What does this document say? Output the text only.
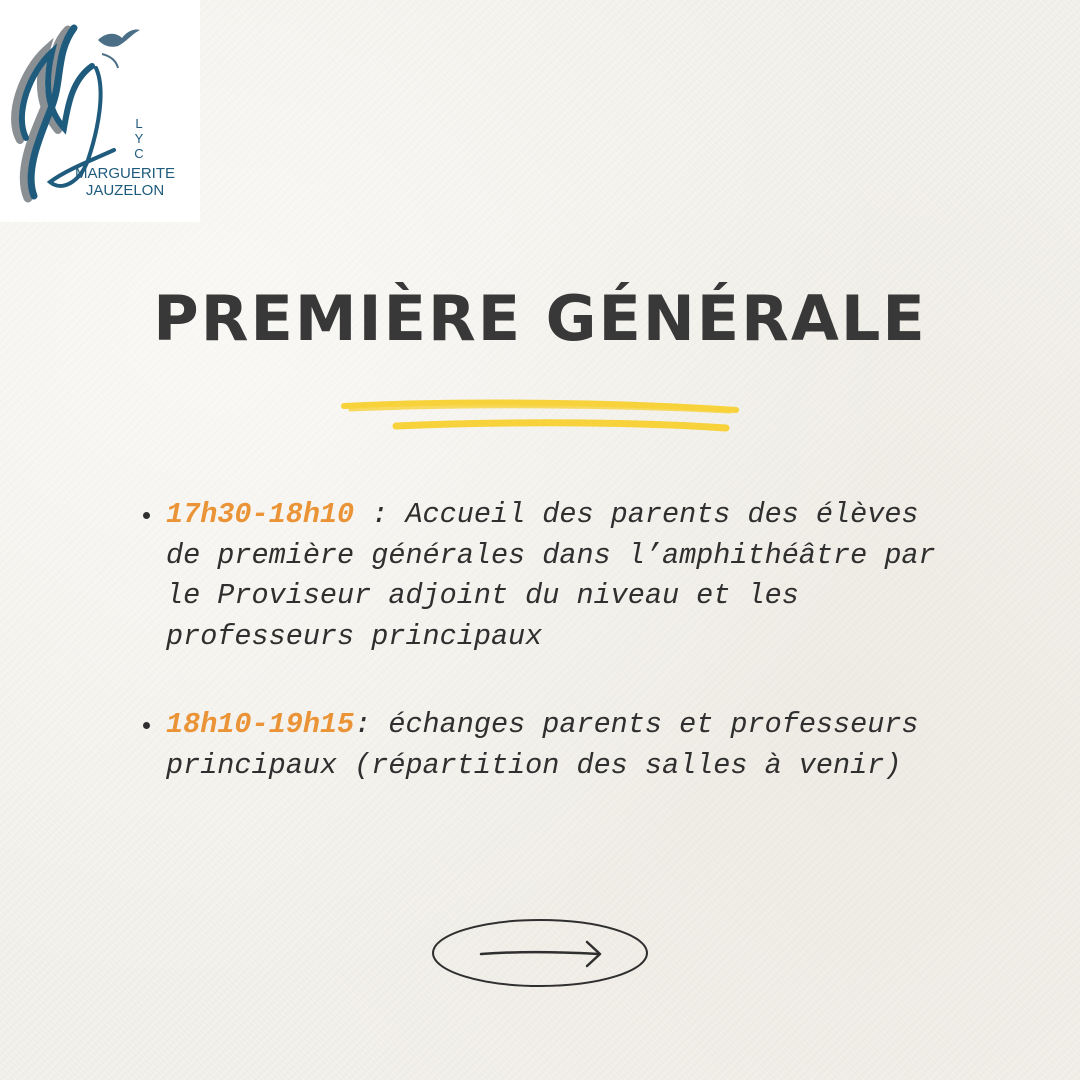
LYC
MARGUERITE
JAUZELON
PREMIÈRE GÉNÉRALE
17h30-18h10 : Accueil des parents des élèves de première générales dans l’amphithéâtre par le Proviseur adjoint du niveau et les professeurs principaux
18h10-19h15: échanges parents et professeurs principaux (répartition des salles à venir)
